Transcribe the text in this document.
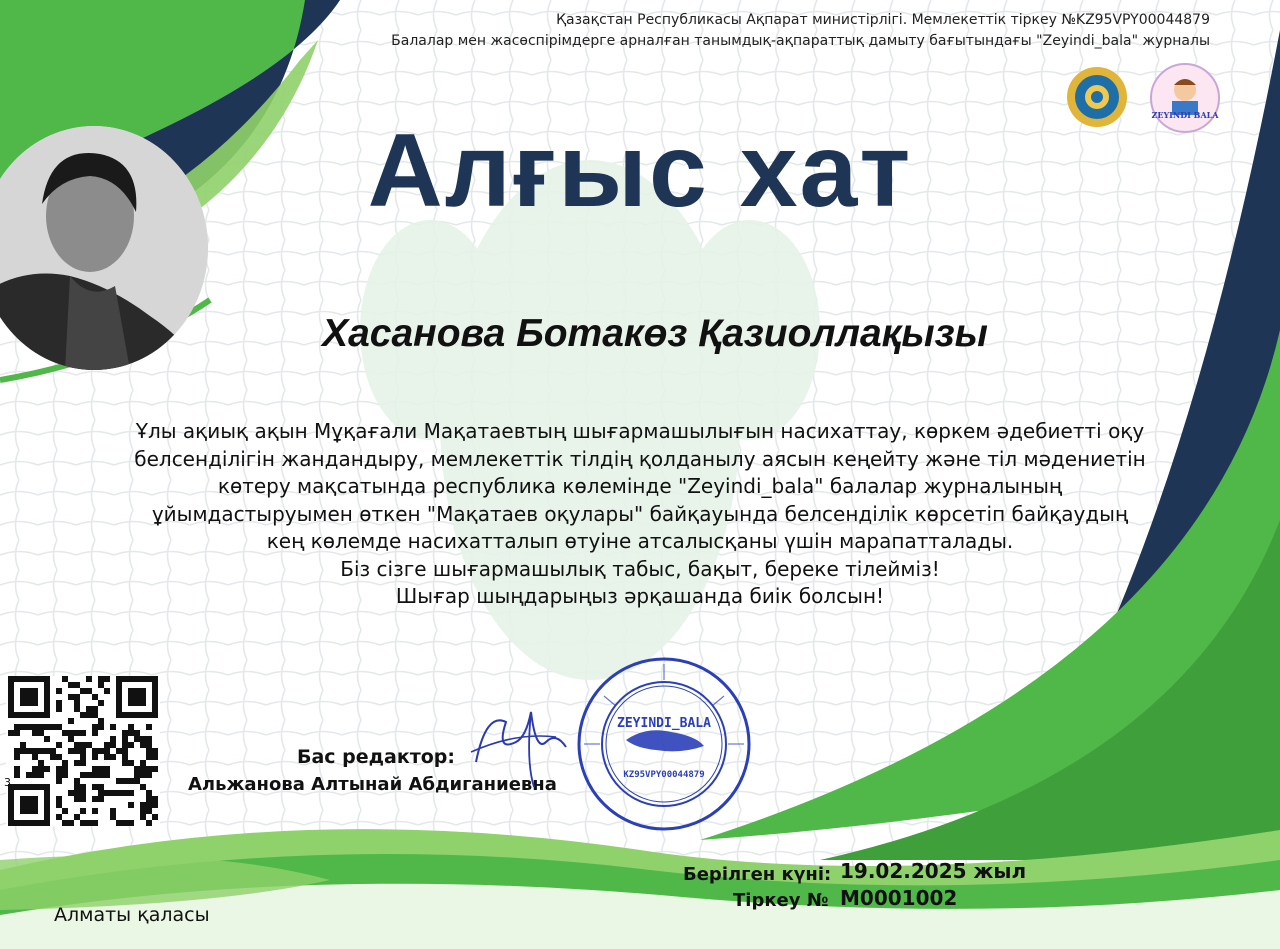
Қазақстан Республикасы Ақпарат министірлігі. Мемлекеттік тіркеу №KZ95VPY00044879
Балалар мен жасөспірімдерге арналған танымдық-ақпараттық дамыту бағытындағы "Zeyindi_bala" журналы
ZEYINDI BALA
Алғыс хат
Хасанова Ботакөз Қазиоллақызы
Ұлы ақиық ақын Мұқағали Мақатаевтың шығармашылығын насихаттау, көркем әдебиетті оқу
белсенділігін жандандыру, мемлекеттік тілдің қолданылу аясын кеңейту және тіл мәдениетін
көтеру мақсатында республика көлемінде "Zeyindi_bala" балалар журналының
ұйымдастыруымен өткен "Мақатаев оқулары" байқауында белсенділік көрсетіп байқаудың
кең көлемде насихатталып өтуіне атсалысқаны үшін марапатталады.
Біз сізге шығармашылық табыс, бақыт, береке тілейміз!
Шығар шыңдарыңыз әрқашанда биік болсын!
3
Бас редактор:
Альжанова Алтынай Абдиганиевна
ZEYINDI_BALA
KZ95VPY00044879
Берілген күні: 19.02.2025 жыл
Тіркеу № M0001002
Алматы қаласы
